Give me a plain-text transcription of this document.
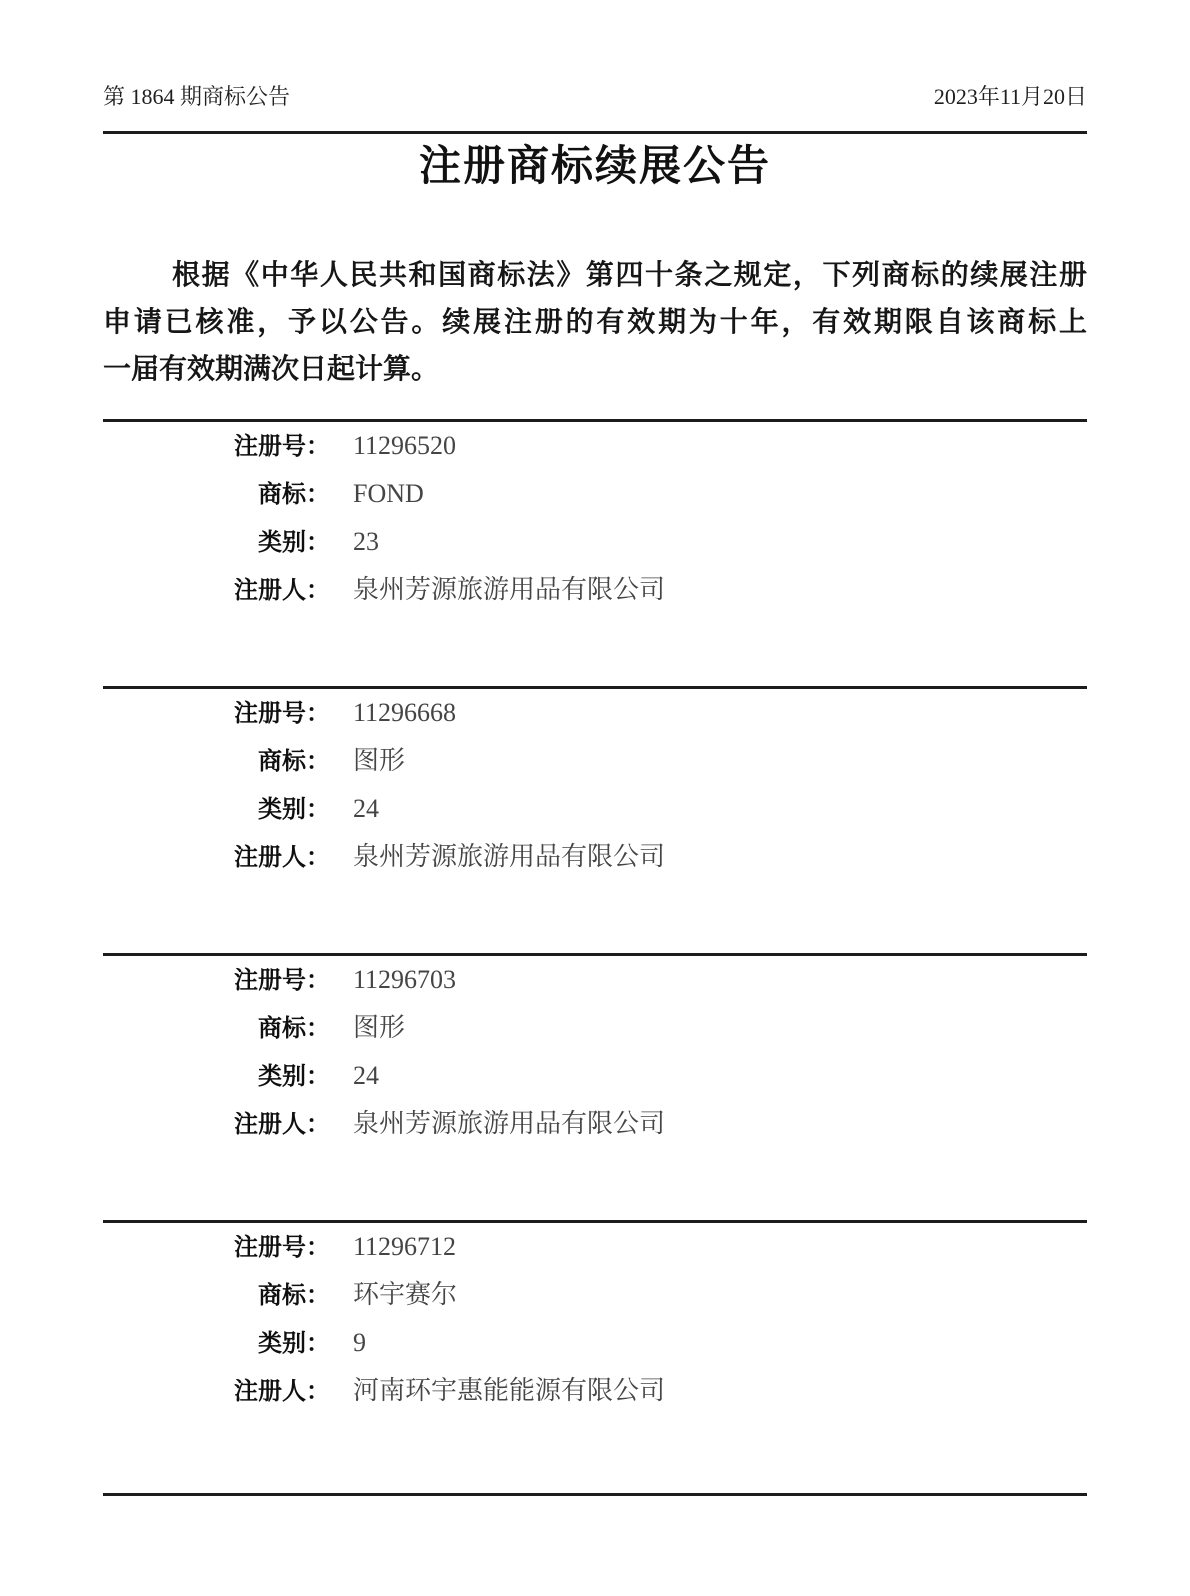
第 1864 期商标公告	2023年11月20日
注册商标续展公告
根据《中华人民共和国商标法》第四十条之规定，下列商标的续展注册
申请已核准，予以公告。续展注册的有效期为十年，有效期限自该商标上
一届有效期满次日起计算。
注册号： 11296520
商标： FOND
类别： 23
注册人： 泉州芳源旅游用品有限公司
注册号： 11296668
商标： 图形
类别： 24
注册人： 泉州芳源旅游用品有限公司
注册号： 11296703
商标： 图形
类别： 24
注册人： 泉州芳源旅游用品有限公司
注册号： 11296712
商标： 环宇赛尔
类别： 9
注册人： 河南环宇惠能能源有限公司
